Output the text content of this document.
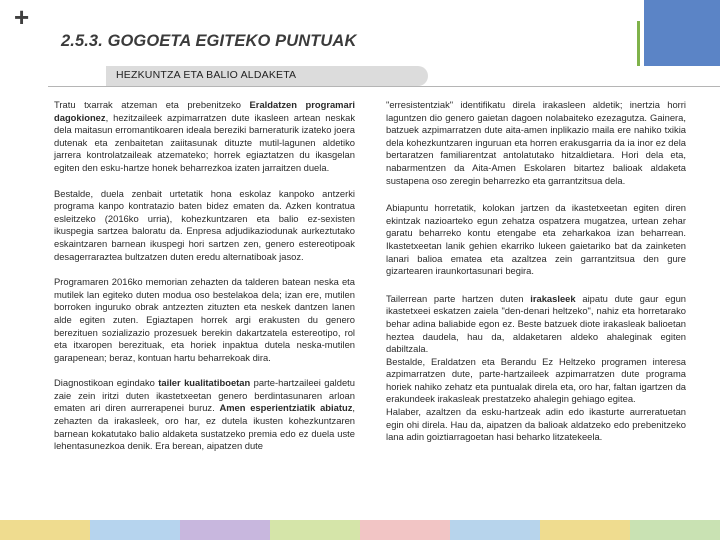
+
2.5.3. GOGOETA EGITEKO PUNTUAK
HEZKUNTZA ETA BALIO ALDAKETA

Tratu txarrak atzeman eta prebenitzeko Eraldatzen programari dagokionez, hezitzaileek azpimarratzen dute ikasleen artean neskak dela maitasun erromantikoaren ideala bereziki barneraturik izateko joera dutenak eta zenbaitetan zaiitasunak dituzte mutil-lagunen aldetiko jarrera kontrolatzaileak atzemateko; horrek egiaztatzen du ikasgelan egiten den esku-hartze honek beharrezkoa izaten jarraitzen duela.

Bestalde, duela zenbait urtetatik hona eskolaz kanpoko antzerki programa kanpo kontratazio baten bidez ematen da. Azken kontratua esleitzeko (2016ko urria), kohezkuntzaren eta balio ez-sexisten ikuspegia sartzea baloratu da. Enpresa adjudikaziodunak aurkeztutako eskaintzaren barnean ikuspegi hori sartzen zen, genero estereotipoak desagerraraztea bultzatzen duten eredu alternatiboak jasoz.

Programaren 2016ko memorian zehazten da talderen batean neska eta mutilek lan egiteko duten modua oso bestelakoa dela; izan ere, mutilen borroken inguruko obrak antzezten zituzten eta neskek dantzen lanen alde egiten zuten. Egiaztapen horrek argi erakusten du genero berezituen sozializazio prozesuek berekin dakartzatela estereotipo, rol eta itxaropen berezituak, eta horiek inpaktua dutela neska-mutilen garapenean; beraz, kontuan hartu beharrekoak dira.

Diagnostikoan egindako tailer kualitatiboetan parte-hartzaileei galdetu zaie zein iritzi duten ikastetxeetan genero berdintasunaren arloan ematen ari diren aurrerapenei buruz. Amen esperientziatik abiatuz, zehazten da irakasleek, oro har, ez dutela ikusten kohezkuntzaren barnean kokatutako balio aldaketa sustatzeko premia edo ez duela uste lehentasunezkoa denik. Era berean, aipatzen dute

"erresistentziak" identifikatu direla irakasleen aldetik; inertzia horri laguntzen dio genero gaietan dagoen nolabaiteko ezezagutza. Gainera, batzuek azpimarratzen dute aita-amen inplikazio maila ere nahiko txikia dela kohezkuntzaren inguruan eta horren erakusgarria da ia inor ez dela bertaratzen familiarentzat antolatutako hitzaldietara. Hori dela eta, nabarmentzen da Aita-Amen Eskolaren bitartez balioak aldaketa sustapena oso zeregin beharrezko eta garrantzitsua dela.

Abiapuntu horretatik, kolokan jartzen da ikastetxeetan egiten diren ekintzak nazioarteko egun zehatza ospatzera mugatzea, urtean zehar garatu beharreko kontu etengabe eta zeharkakoa izan beharrean. Ikastetxeetan lanik gehien ekarriko lukeen gaietariko bat da zainketen lanari balioa ematea eta azaltzea zein garrantzitsua den gure gizartearen iraunkortasunari begira.

Tailerrean parte hartzen duten irakasleek aipatu dute gaur egun ikastetxeei eskatzen zaiela "den-denari heltzeko", nahiz eta horretarako behar adina baliabide egon ez. Beste batzuek diote irakasleak balioetan heztea daudela, hau da, aldaketaren aldeko ahaleginak egiten dabiltzala.
Bestalde, Eraldatzen eta Berandu Ez Heltzeko programen interesa azpimarratzen dute, parte-hartzaileek azpimarratzen dute programa horiek nahiko zehatz eta puntualak direla eta, oro har, faltan igartzen da erakundeek irakasleak prestatzeko ahalegin gehiago egitea.
Halaber, azaltzen da esku-hartzeak adin edo ikasturte aurreratuetan egin ohi direla. Hau da, aipatzen da balioak aldatzeko edo prebenitzeko lana adin goiztiarragoetan hasi beharko litzatekeela.
